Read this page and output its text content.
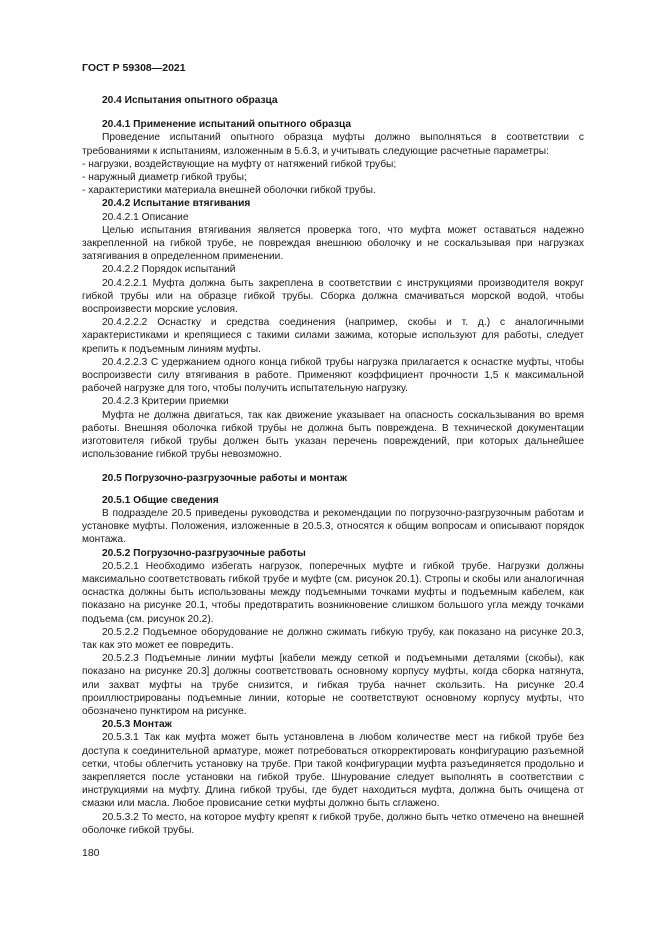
ГОСТ Р 59308—2021

20.4 Испытания опытного образца

20.4.1 Применение испытаний опытного образца

Проведение испытаний опытного образца муфты должно выполняться в соответствии с требованиями к испытаниям, изложенным в 5.6.3, и учитывать следующие расчетные параметры:

- нагрузки, воздействующие на муфту от натяжений гибкой трубы;

- наружный диаметр гибкой трубы;

- характеристики материала внешней оболочки гибкой трубы.

20.4.2 Испытание втягивания

20.4.2.1 Описание

Целью испытания втягивания является проверка того, что муфта может оставаться надежно закрепленной на гибкой трубе, не повреждая внешнюю оболочку и не соскальзывая при нагрузках затягивания в определенном применении.

20.4.2.2 Порядок испытаний

20.4.2.2.1 Муфта должна быть закреплена в соответствии с инструкциями производителя вокруг гибкой трубы или на образце гибкой трубы. Сборка должна смачиваться морской водой, чтобы воспроизвести морские условия.

20.4.2.2.2 Оснастку и средства соединения (например, скобы и т. д.) с аналогичными характеристиками и крепящиеся с такими силами зажима, которые используют для работы, следует крепить к подъемным линиям муфты.

20.4.2.2.3 С удержанием одного конца гибкой трубы нагрузка прилагается к оснастке муфты, чтобы воспроизвести силу втягивания в работе. Применяют коэффициент прочности 1,5 к максимальной рабочей нагрузке для того, чтобы получить испытательную нагрузку.

20.4.2.3 Критерии приемки

Муфта не должна двигаться, так как движение указывает на опасность соскальзывания во время работы. Внешняя оболочка гибкой трубы не должна быть повреждена. В технической документации изготовителя гибкой трубы должен быть указан перечень повреждений, при которых дальнейшее использование гибкой трубы невозможно.

20.5 Погрузочно-разгрузочные работы и монтаж

20.5.1 Общие сведения

В подразделе 20.5 приведены руководства и рекомендации по погрузочно-разгрузочным работам и установке муфты. Положения, изложенные в 20.5.3, относятся к общим вопросам и описывают порядок монтажа.

20.5.2 Погрузочно-разгрузочные работы

20.5.2.1 Необходимо избегать нагрузок, поперечных муфте и гибкой трубе. Нагрузки должны максимально соответствовать гибкой трубе и муфте (см. рисунок 20.1). Стропы и скобы или аналогичная оснастка должны быть использованы между подъемными точками муфты и подъемным кабелем, как показано на рисунке 20.1, чтобы предотвратить возникновение слишком большого угла между точками подъема (см. рисунок 20.2).

20.5.2.2 Подъемное оборудование не должно сжимать гибкую трубу, как показано на рисунке 20.3, так как это может ее повредить.

20.5.2.3 Подъемные линии муфты [кабели между сеткой и подъемными деталями (скобы), как показано на рисунке 20.3] должны соответствовать основному корпусу муфты, когда сборка натянута, или захват муфты на трубе снизится, и гибкая труба начнет скользить. На рисунке 20.4 проиллюстрированы подъемные линии, которые не соответствуют основному корпусу муфты, что обозначено пунктиром на рисунке.

20.5.3 Монтаж

20.5.3.1 Так как муфта может быть установлена в любом количестве мест на гибкой трубе без доступа к соединительной арматуре, может потребоваться откорректировать конфигурацию разъемной сетки, чтобы облегчить установку на трубе. При такой конфигурации муфта разъединяется продольно и закрепляется после установки на гибкой трубе. Шнурование следует выполнять в соответствии с инструкциями на муфту. Длина гибкой трубы, где будет находиться муфта, должна быть очищена от смазки или масла. Любое провисание сетки муфты должно быть сглажено.

20.5.3.2 То место, на которое муфту крепят к гибкой трубе, должно быть четко отмечено на внешней оболочке гибкой трубы.

180
